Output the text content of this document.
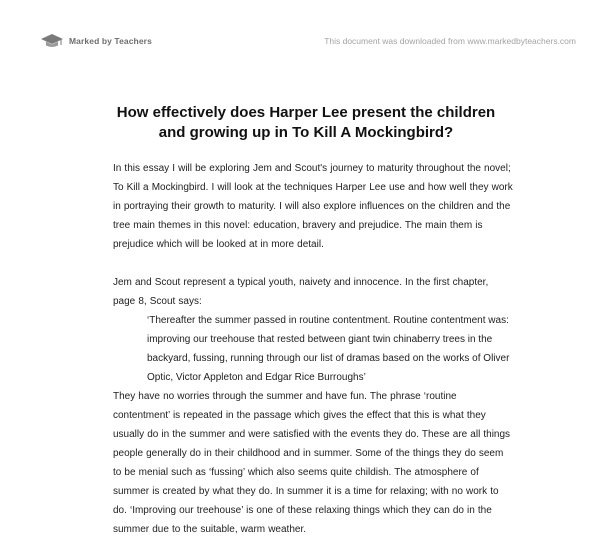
Marked by Teachers	This document was downloaded from www.markedbyteachers.com
How effectively does Harper Lee present the children
and growing up in To Kill A Mockingbird?

In this essay I will be exploring Jem and Scout's journey to maturity throughout the novel; To Kill a Mockingbird. I will look at the techniques Harper Lee use and how well they work in portraying their growth to maturity. I will also explore influences on the children and the tree main themes in this novel: education, bravery and prejudice. The main them is prejudice which will be looked at in more detail.

Jem and Scout represent a typical youth, naivety and innocence. In the first chapter, page 8, Scout says:

‘Thereafter the summer passed in routine contentment. Routine contentment was: improving our treehouse that rested between giant twin chinaberry trees in the backyard, fussing, running through our list of dramas based on the works of Oliver Optic, Victor Appleton and Edgar Rice Burroughs’

They have no worries through the summer and have fun. The phrase ‘routine contentment’ is repeated in the passage which gives the effect that this is what they usually do in the summer and were satisfied with the events they do. These are all things people generally do in their childhood and in summer. Some of the things they do seem to be menial such as ‘fussing’ which also seems quite childish. The atmosphere of summer is created by what they do. In summer it is a time for relaxing; with no work to do. ‘Improving our treehouse’ is one of these relaxing things which they can do in the summer due to the suitable, warm weather.
